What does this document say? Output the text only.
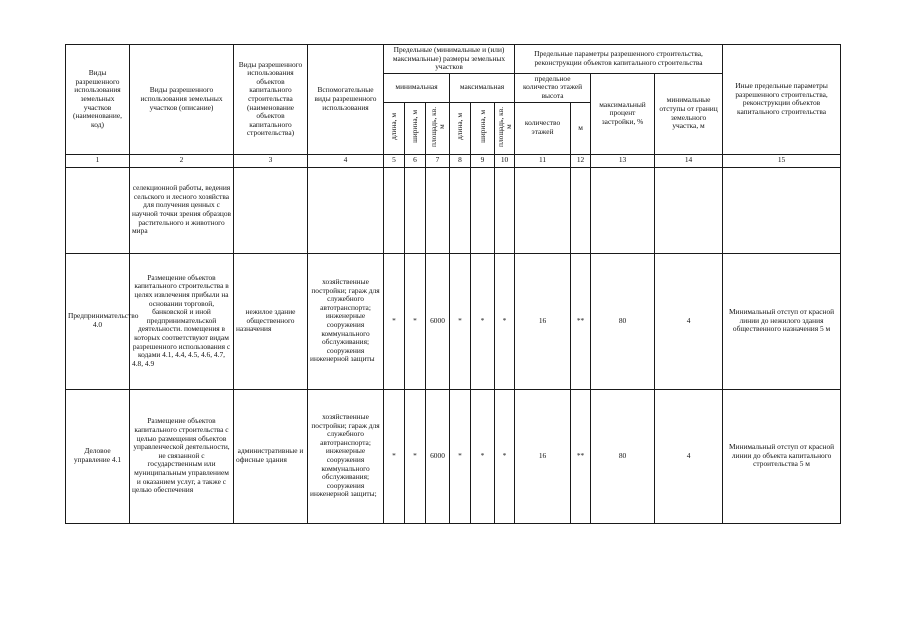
Виды разрешенного использования земельных участков (наименование, код)	Виды разрешенного использования земельных участков (описание)	Виды разрешенного использования объектов капитального строительства (наименование объектов капитального строительства)	Вспомогательные виды разрешенного использования	Предельные (минимальные и (или) максимальные) размеры земельных участков						Предельные параметры разрешенного строительства, реконструкции объектов капитального строительства				Иные предельные параметры разрешенного строительства, реконструкции объектов капитального строительства
				минимальная			максимальная			предельное количество этажей высота		максимальный процент застройки, %	минимальные отступы от границ земельного участка, м	
				длина, м	ширина, м	площадь, кв. м	длина, м	ширина, м	площадь, кв. м	количество этажей	м			
1	2	3	4	5	6	7	8	9	10	11	12	13	14	15
	селекционной работы, ведения сельского и лесного хозяйства для получения ценных с научной точки зрения образцов растительного и животного мира													
Предпринимательство 4.0	Размещение объектов капитального строительства в целях извлечения прибыли на основании торговой, банковской и иной предпринимательской деятельности. помещения в которых соответствуют видам разрешенного использования с кодами 4.1, 4.4, 4.5, 4.6, 4.7, 4.8, 4.9	нежилое здание общественного назначения	хозяйственные постройки; гараж для служебного автотранспорта; инженерные сооружения коммунального обслуживания; сооружения инженерной защиты	*	*	6000	*	*	*	16	**	80	4	Минимальный отступ от красной линии до нежилого здания общественного назначения 5 м
Деловое управление 4.1	Размещение объектов капитального строительства с целью размещения объектов управленческой деятельности, не связанной с государственным или муниципальным управлением и оказанием услуг, а также с целью обеспечения	административные и офисные здания	хозяйственные постройки; гараж для служебного автотранспорта; инженерные сооружения коммунального обслуживания; сооружения инженерной защиты;	*	*	6000	*	*	*	16	**	80	4	Минимальный отступ от красной линии до объекта капитального строительства 5 м
